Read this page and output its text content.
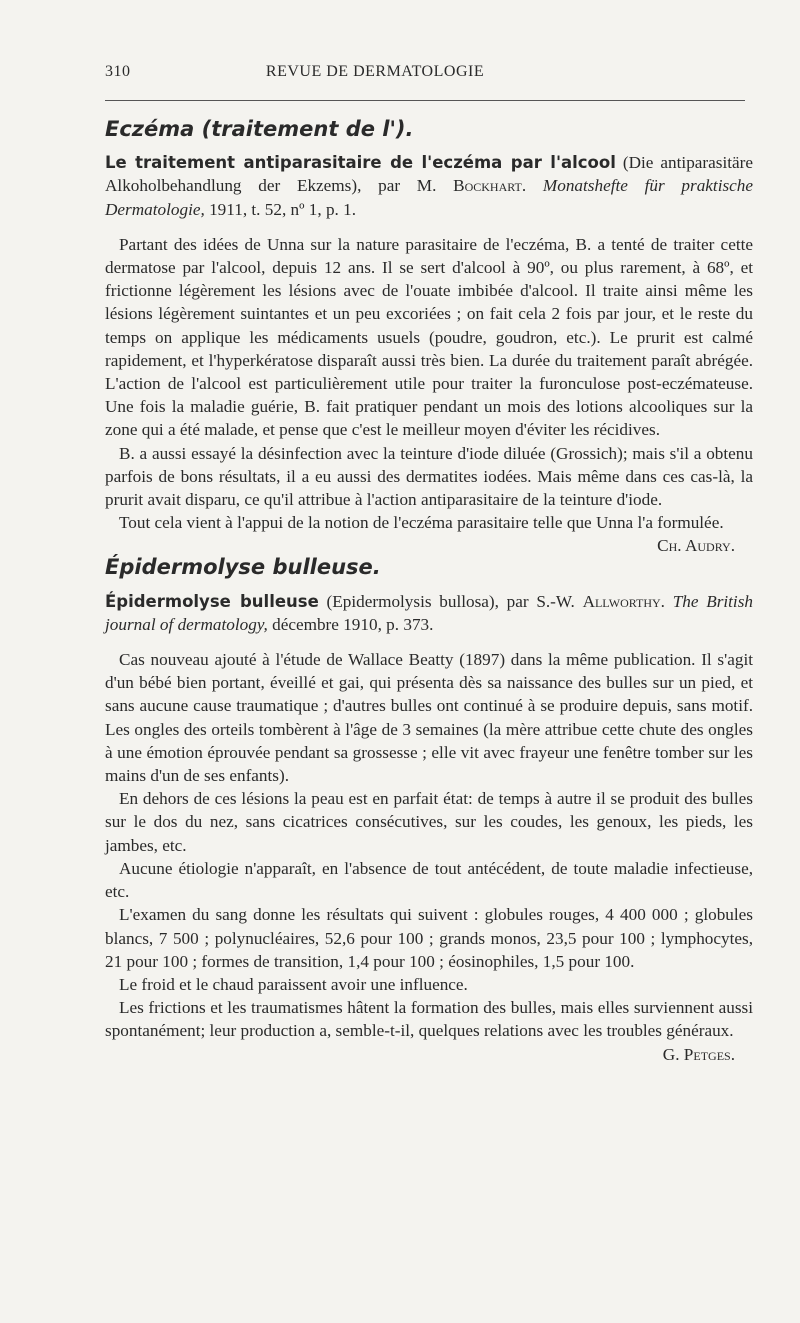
310	REVUE DE DERMATOLOGIE
Eczéma (traitement de l').
Le traitement antiparasitaire de l'eczéma par l'alcool (Die antiparasitäre Alkoholbehandlung der Ekzems), par M. Bockhart. Monatshefte für praktische Dermatologie, 1911, t. 52, nº 1, p. 1.

Partant des idées de Unna sur la nature parasitaire de l'eczéma, B. a tenté de traiter cette dermatose par l'alcool, depuis 12 ans. Il se sert d'alcool à 90º, ou plus rarement, à 68º, et frictionne légèrement les lésions avec de l'ouate imbibée d'alcool. Il traite ainsi même les lésions légèrement suintantes et un peu excoriées ; on fait cela 2 fois par jour, et le reste du temps on applique les médicaments usuels (poudre, goudron, etc.). Le prurit est calmé rapidement, et l'hyperkératose disparaît aussi très bien. La durée du traitement paraît abrégée. L'action de l'alcool est particulièrement utile pour traiter la furonculose post-eczémateuse. Une fois la maladie guérie, B. fait pratiquer pendant un mois des lotions alcooliques sur la zone qui a été malade, et pense que c'est le meilleur moyen d'éviter les récidives.

B. a aussi essayé la désinfection avec la teinture d'iode diluée (Grossich); mais s'il a obtenu parfois de bons résultats, il a eu aussi des dermatites iodées. Mais même dans ces cas-là, la prurit avait disparu, ce qu'il attribue à l'action antiparasitaire de la teinture d'iode.

Tout cela vient à l'appui de la notion de l'eczéma parasitaire telle que Unna l'a formulée.
Ch. Audry.

Épidermolyse bulleuse.
Épidermolyse bulleuse (Epidermolysis bullosa), par S.-W. Allworthy. The British journal of dermatology, décembre 1910, p. 373.

Cas nouveau ajouté à l'étude de Wallace Beatty (1897) dans la même publication. Il s'agit d'un bébé bien portant, éveillé et gai, qui présenta dès sa naissance des bulles sur un pied, et sans aucune cause traumatique ; d'autres bulles ont continué à se produire depuis, sans motif. Les ongles des orteils tombèrent à l'âge de 3 semaines (la mère attribue cette chute des ongles à une émotion éprouvée pendant sa grossesse ; elle vit avec frayeur une fenêtre tomber sur les mains d'un de ses enfants).

En dehors de ces lésions la peau est en parfait état: de temps à autre il se produit des bulles sur le dos du nez, sans cicatrices consécutives, sur les coudes, les genoux, les pieds, les jambes, etc.

Aucune étiologie n'apparaît, en l'absence de tout antécédent, de toute maladie infectieuse, etc.

L'examen du sang donne les résultats qui suivent : globules rouges, 4 400 000 ; globules blancs, 7 500 ; polynucléaires, 52,6 pour 100 ; grands monos, 23,5 pour 100 ; lymphocytes, 21 pour 100 ; formes de transition, 1,4 pour 100 ; éosinophiles, 1,5 pour 100.

Le froid et le chaud paraissent avoir une influence.

Les frictions et les traumatismes hâtent la formation des bulles, mais elles surviennent aussi spontanément; leur production a, semble-t-il, quelques relations avec les troubles généraux.
G. Petges.
